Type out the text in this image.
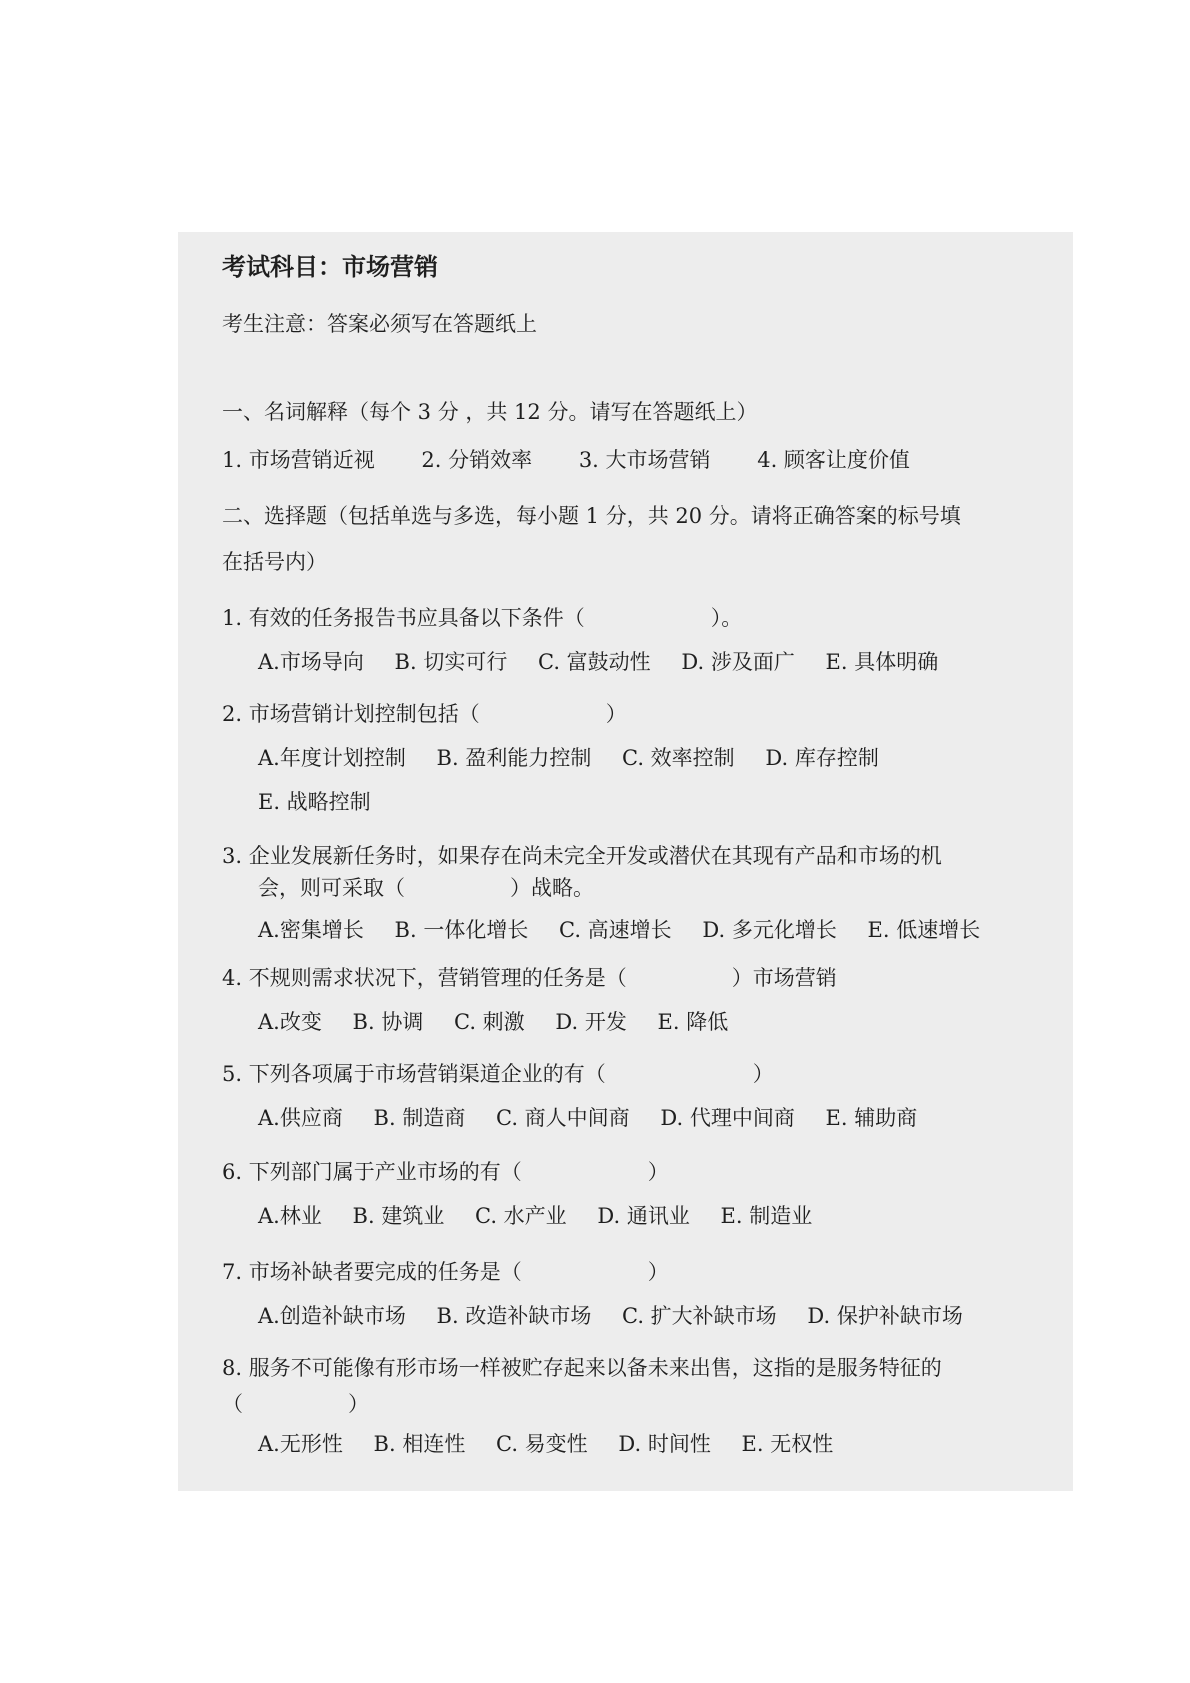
考试科目：市场营销
考生注意：答案必须写在答题纸上
一、名词解释（每个 3 分 ，共 12 分。请写在答题纸上）
1. 市场营销近视 2. 分销效率 3. 大市场营销 4. 顾客让度价值
二、选择题（包括单选与多选，每小题 1 分，共 20 分。请将正确答案的标号填
在括号内）
1. 有效的任务报告书应具备以下条件（　　　　　　）。
A.市场导向 B. 切实可行 C. 富鼓动性 D. 涉及面广 E. 具体明确
2. 市场营销计划控制包括（　　　　　　）
A.年度计划控制 B. 盈利能力控制 C. 效率控制 D. 库存控制
E. 战略控制
3. 企业发展新任务时，如果存在尚未完全开发或潜伏在其现有产品和市场的机
会，则可采取（　　　　　）战略。
A.密集增长 B. 一体化增长 C. 高速增长 D. 多元化增长 E. 低速增长
4. 不规则需求状况下，营销管理的任务是（　　　　　）市场营销
A.改变 B. 协调 C. 刺激 D. 开发 E. 降低
5. 下列各项属于市场营销渠道企业的有（　　　　　　　）
A.供应商 B. 制造商 C. 商人中间商 D. 代理中间商 E. 辅助商
6. 下列部门属于产业市场的有（　　　　　　）
A.林业 B. 建筑业 C. 水产业 D. 通讯业 E. 制造业
7. 市场补缺者要完成的任务是（　　　　　　）
A.创造补缺市场 B. 改造补缺市场 C. 扩大补缺市场 D. 保护补缺市场
8. 服务不可能像有形市场一样被贮存起来以备未来出售，这指的是服务特征的
（　　　　　）
A.无形性 B. 相连性 C. 易变性 D. 时间性 E. 无权性
